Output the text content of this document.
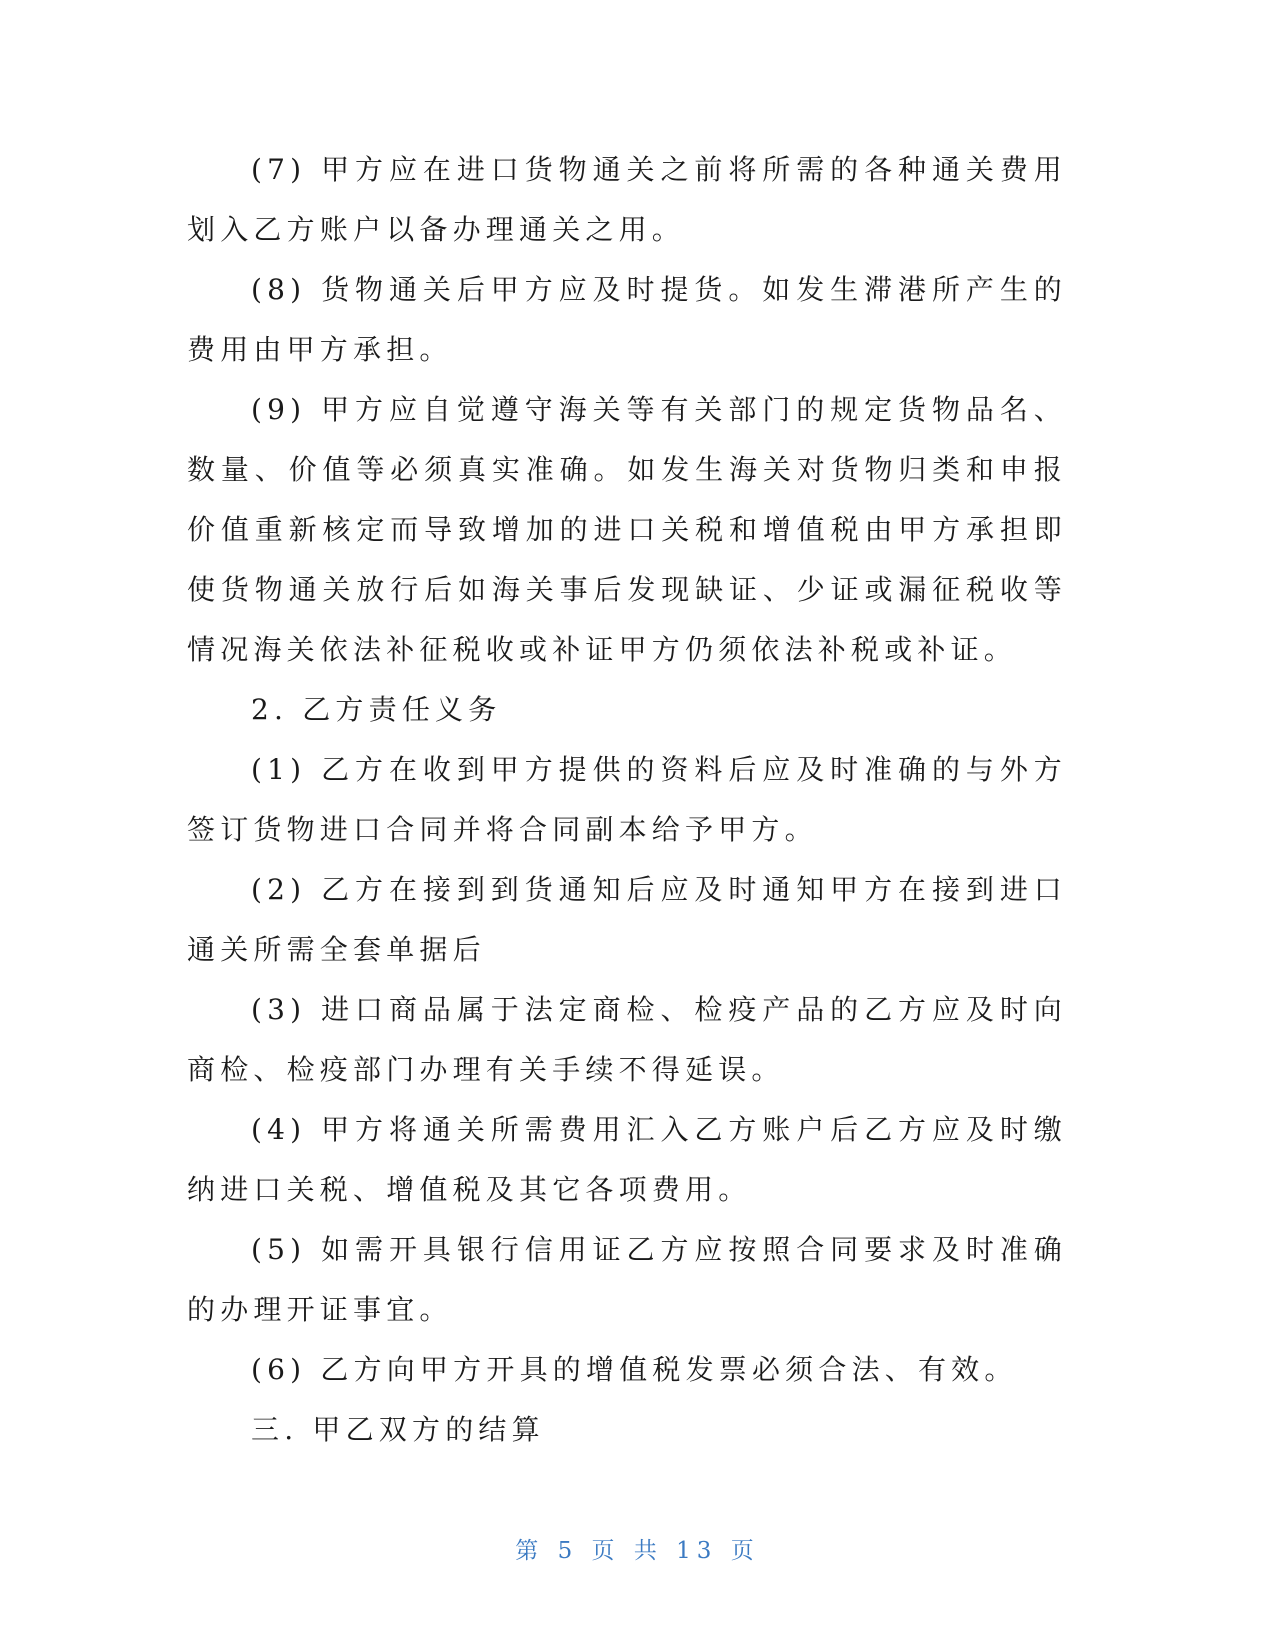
(7) 甲方应在进口货物通关之前将所需的各种通关费用划入乙方账户以备办理通关之用。

(8) 货物通关后甲方应及时提货。如发生滞港所产生的费用由甲方承担。

(9) 甲方应自觉遵守海关等有关部门的规定货物品名、数量、价值等必须真实准确。如发生海关对货物归类和申报价值重新核定而导致增加的进口关税和增值税由甲方承担即使货物通关放行后如海关事后发现缺证、少证或漏征税收等情况海关依法补征税收或补证甲方仍须依法补税或补证。

2. 乙方责任义务

(1) 乙方在收到甲方提供的资料后应及时准确的与外方签订货物进口合同并将合同副本给予甲方。

(2) 乙方在接到到货通知后应及时通知甲方在接到进口通关所需全套单据后

(3) 进口商品属于法定商检、检疫产品的乙方应及时向商检、检疫部门办理有关手续不得延误。

(4) 甲方将通关所需费用汇入乙方账户后乙方应及时缴纳进口关税、增值税及其它各项费用。

(5) 如需开具银行信用证乙方应按照合同要求及时准确的办理开证事宜。

(6) 乙方向甲方开具的增值税发票必须合法、有效。

三. 甲乙双方的结算

第 5 页 共 13 页
